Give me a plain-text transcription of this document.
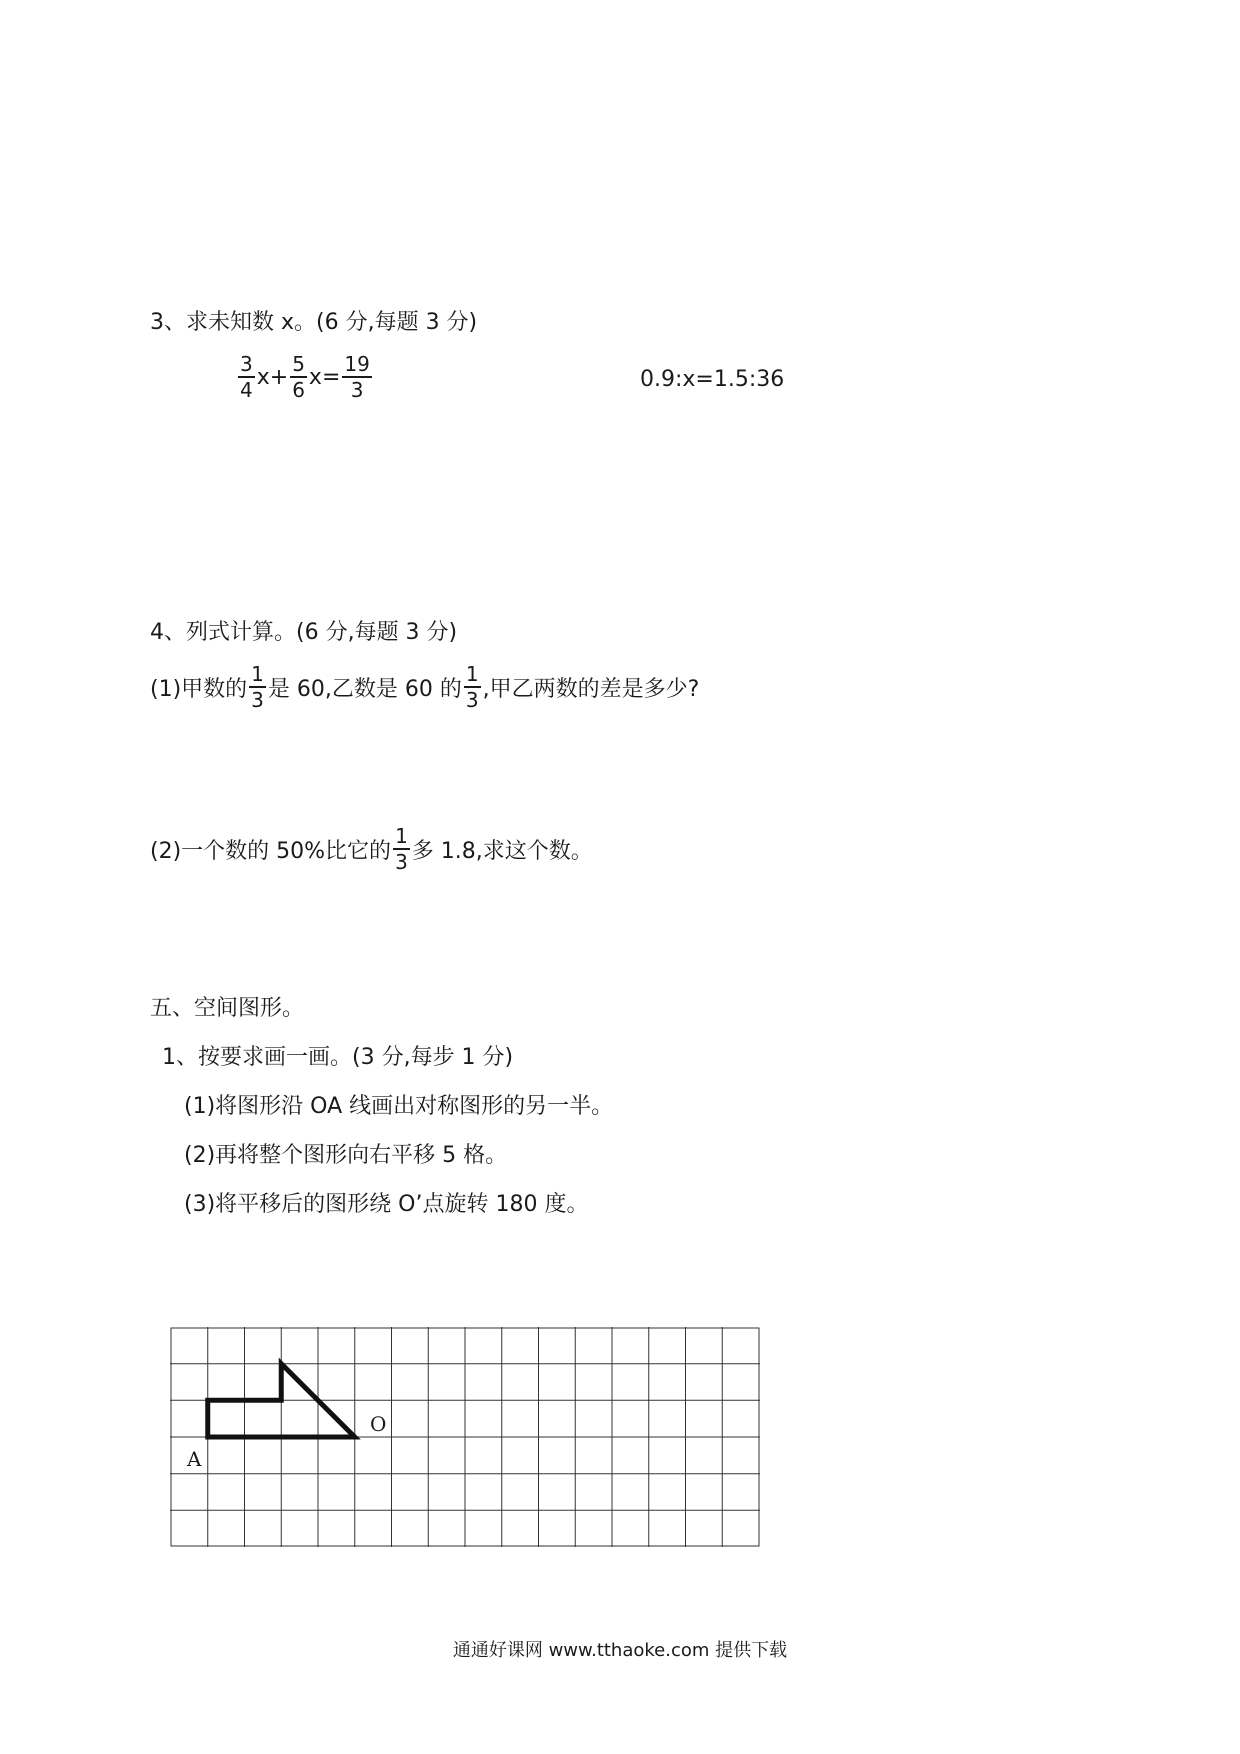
3、求未知数 x。(6 分,每题 3 分)
$\frac{3}{4} x+ \frac{5}{6} x= \frac{19}{3}$	0.9:x=1.5:36
4、列式计算。(6 分,每题 3 分)
(1)甲数的 $\frac{1}{3}$ 是 60,乙数是 60 的 $\frac{1}{3}$ ,甲乙两数的差是多少?
(2)一个数的 50%比它的 $\frac{1}{3}$ 多 1.8,求这个数。
五、空间图形。
1、按要求画一画。(3 分,每步 1 分)
(1)将图形沿 OA 线画出对称图形的另一半。
(2)再将整个图形向右平移 5 格。
(3)将平移后的图形绕 O’点旋转 180 度。
O
A
通通好课网 www.tthaoke.com 提供下载
